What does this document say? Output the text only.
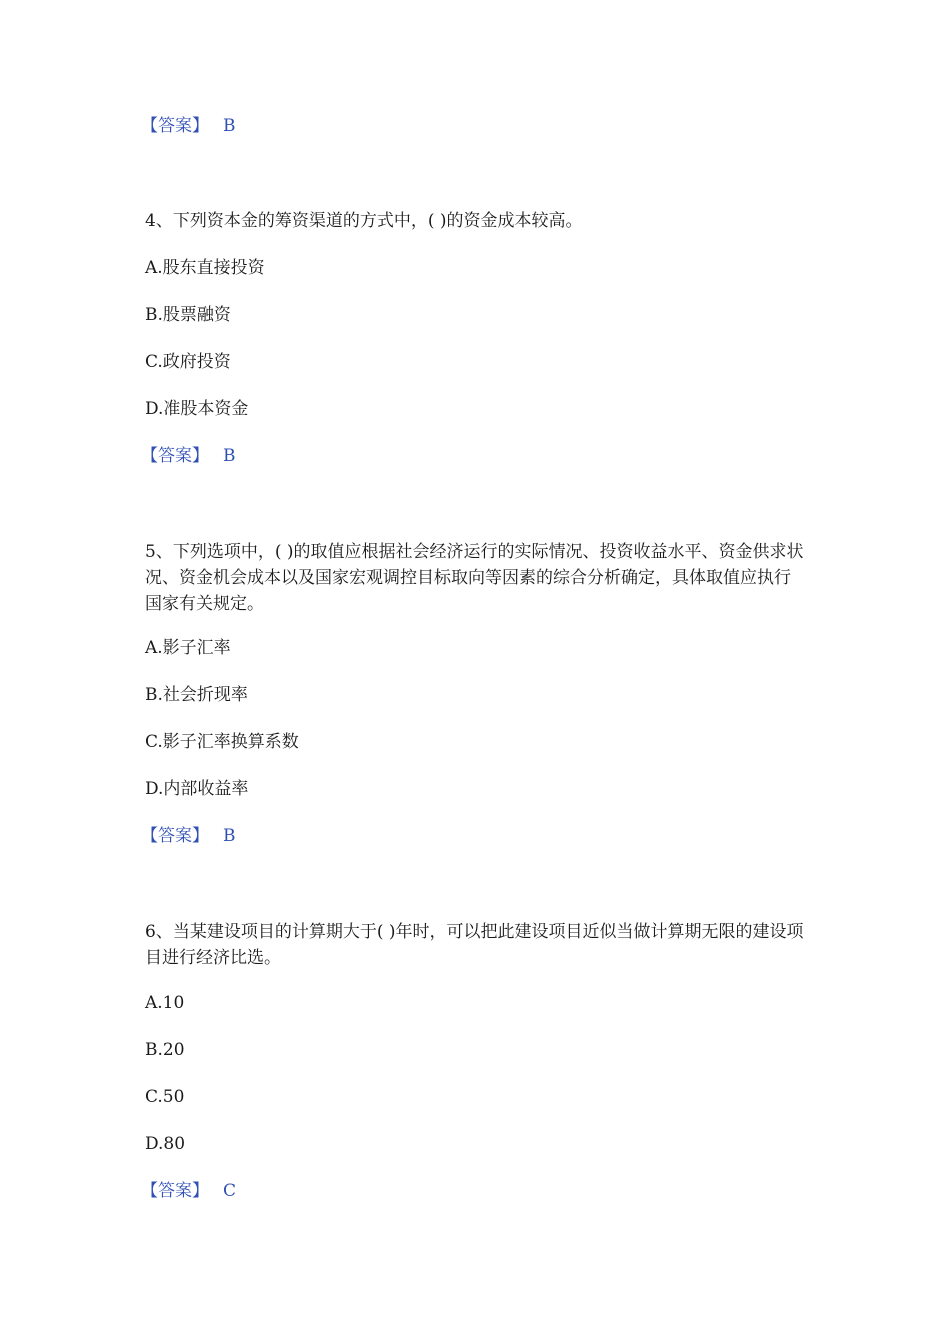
【答案】 B
4、下列资本金的筹资渠道的方式中，( )的资金成本较高。
A.股东直接投资
B.股票融资
C.政府投资
D.准股本资金
【答案】 B
5、下列选项中，( )的取值应根据社会经济运行的实际情况、投资收益水平、资金供求状况、资金机会成本以及国家宏观调控目标取向等因素的综合分析确定，具体取值应执行国家有关规定。
A.影子汇率
B.社会折现率
C.影子汇率换算系数
D.内部收益率
【答案】 B
6、当某建设项目的计算期大于( )年时，可以把此建设项目近似当做计算期无限的建设项目进行经济比选。
A.10
B.20
C.50
D.80
【答案】 C
